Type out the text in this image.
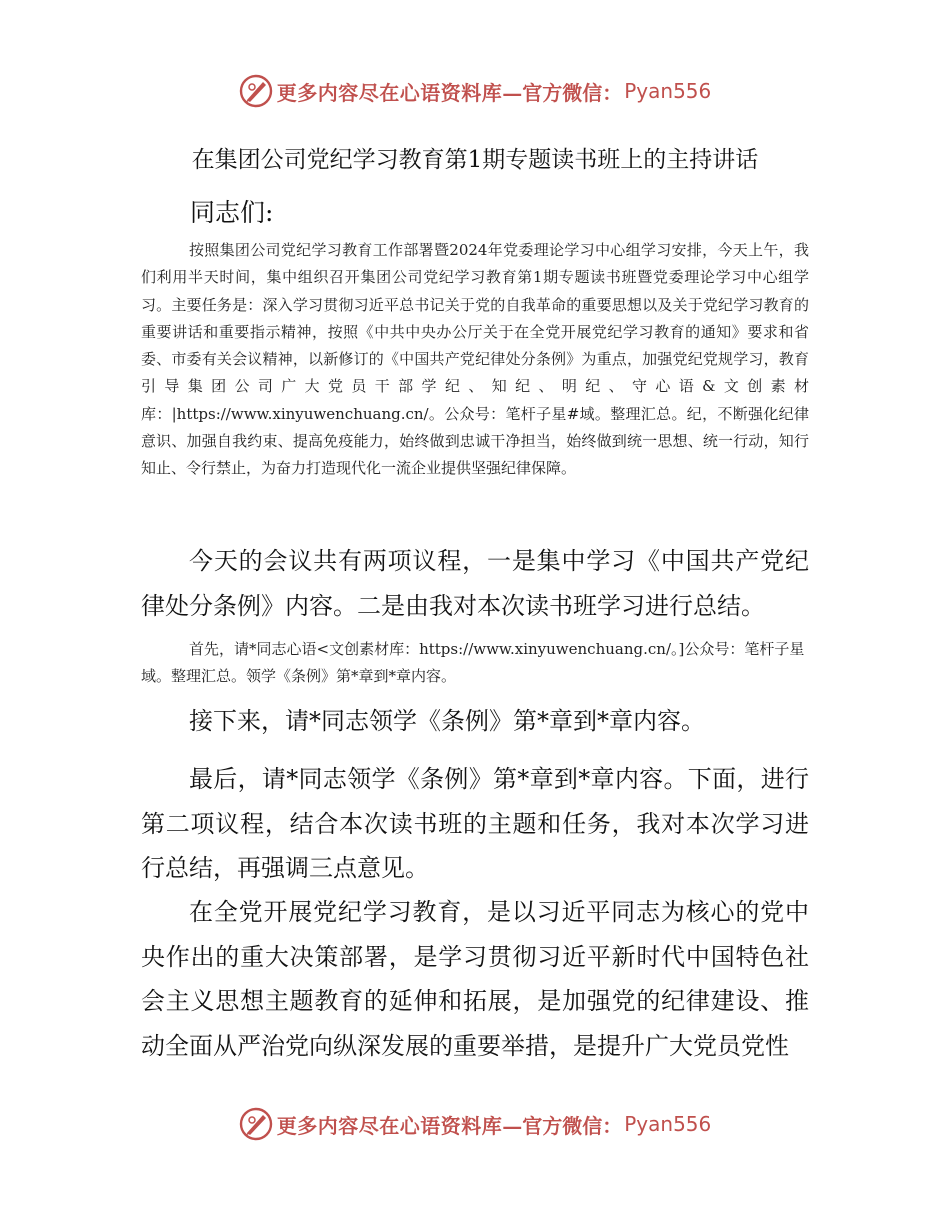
更多内容尽在心语资料库 —官方微信： Pyan556
在集团公司党纪学习教育第1期专题读书班上的主持讲话
同志们:

按照集团公司党纪学习教育工作部署暨2024年党委理论学习中心组学习安排，今天上午，我们利用半天时间，集中组织召开集团公司党纪学习教育第1期专题读书班暨党委理论学习中心组学习。主要任务是：深入学习贯彻习近平总书记关于党的自我革命的重要思想以及关于党纪学习教育的重要讲话和重要指示精神，按照《中共中央办公厅关于在全党开展党纪学习教育的通知》要求和省委、市委有关会议精神，以新修订的《中国共产党纪律处分条例》为重点，加强党纪党规学习，教育引导集团公司广大党员干部学纪、知纪、明纪、守心语&文创素材库：|https://www.xinyuwenchuang.cn/。公众号：笔杆子星#域。整理汇总。纪，不断强化纪律意识、加强自我约束、提高免疫能力，始终做到忠诚干净担当，始终做到统一思想、统一行动，知行知止、令行禁止，为奋力打造现代化一流企业提供坚强纪律保障。

今天的会议共有两项议程，一是集中学习《中国共产党纪律处分条例》内容。二是由我对本次读书班学习进行总结。

首先，请*同志心语<文创素材库：https://www.xinyuwenchuang.cn/。]公众号：笔杆子星域。整理汇总。领学《条例》第*章到*章内容。

接下来，请*同志领学《条例》第*章到*章内容。

最后，请*同志领学《条例》第*章到*章内容。下面，进行第二项议程，结合本次读书班的主题和任务，我对本次学习进行总结，再强调三点意见。

在全党开展党纪学习教育，是以习近平同志为核心的党中央作出的重大决策部署，是学习贯彻习近平新时代中国特色社会主义思想主题教育的延伸和拓展，是加强党的纪律建设、推动全面从严治党向纵深发展的重要举措，是提升广大党员党性

更多内容尽在心语资料库 —官方微信： Pyan556
